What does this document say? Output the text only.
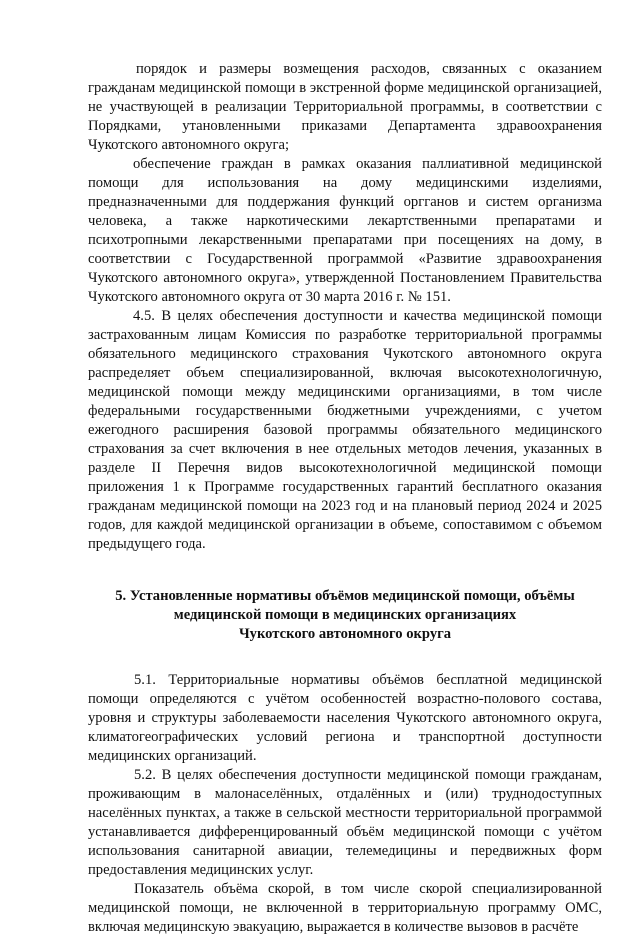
порядок и размеры возмещения расходов, связанных с оказанием гражданам медицинской помощи в экстренной форме медицинской организацией, не участвующей в реализации Территориальной программы, в соответствии с Порядками, утановленными приказами Департамента здравоохранения Чукотского автономного округа;

обеспечение граждан в рамках оказания паллиативной медицинской помощи для использования на дому медицинскими изделиями, предназначенными для поддержания функций оргганов и систем организма человека, а также наркотическими лекартственными препаратами и психотропными лекарственными препаратами при посещениях на дому, в соответствии с Государственной программой «Развитие здравоохранения Чукотского автономного округа», утвержденной Постановлением Правительства Чукотского автономного округа от 30 марта 2016 г. № 151.

4.5. В целях обеспечения доступности и качества медицинской помощи застрахованным лицам Комиссия по разработке территориальной программы обязательного медицинского страхования Чукотского автономного округа распределяет объем специализированной, включая высокотехнологичную, медицинской помощи между медицинскими организациями, в том числе федеральными государственными бюджетными учреждениями, с учетом ежегодного расширения базовой программы обязательного медицинского страхования за счет включения в нее отдельных методов лечения, указанных в разделе II Перечня видов высокотехнологичной медицинской помощи приложения 1 к Программе государственных гарантий бесплатного оказания гражданам медицинской помощи на 2023 год и на плановый период 2024 и 2025 годов, для каждой медицинской организации в объеме, сопоставимом с объемом предыдущего года.

5. Установленные нормативы объёмов медицинской помощи, объёмы
медицинской помощи в медицинских организациях
Чукотского автономного округа

5.1. Территориальные нормативы объёмов бесплатной медицинской помощи определяются с учётом особенностей возрастно-полового состава, уровня и структуры заболеваемости населения Чукотского автономного округа, климатогеографических условий региона и транспортной доступности медицинских организаций.

5.2. В целях обеспечения доступности медицинской помощи гражданам, проживающим в малонаселённых, отдалённых и (или) труднодоступных населённых пунктах, а также в сельской местности территориальной программой устанавливается дифференцированный объём медицинской помощи с учётом использования санитарной авиации, телемедицины и передвижных форм предоставления медицинских услуг.

Показатель объёма скорой, в том числе скорой специализированной медицинской помощи, не включенной в территориальную программу ОМС, включая медицинскую эвакуацию, выражается в количестве вызовов в расчёте
